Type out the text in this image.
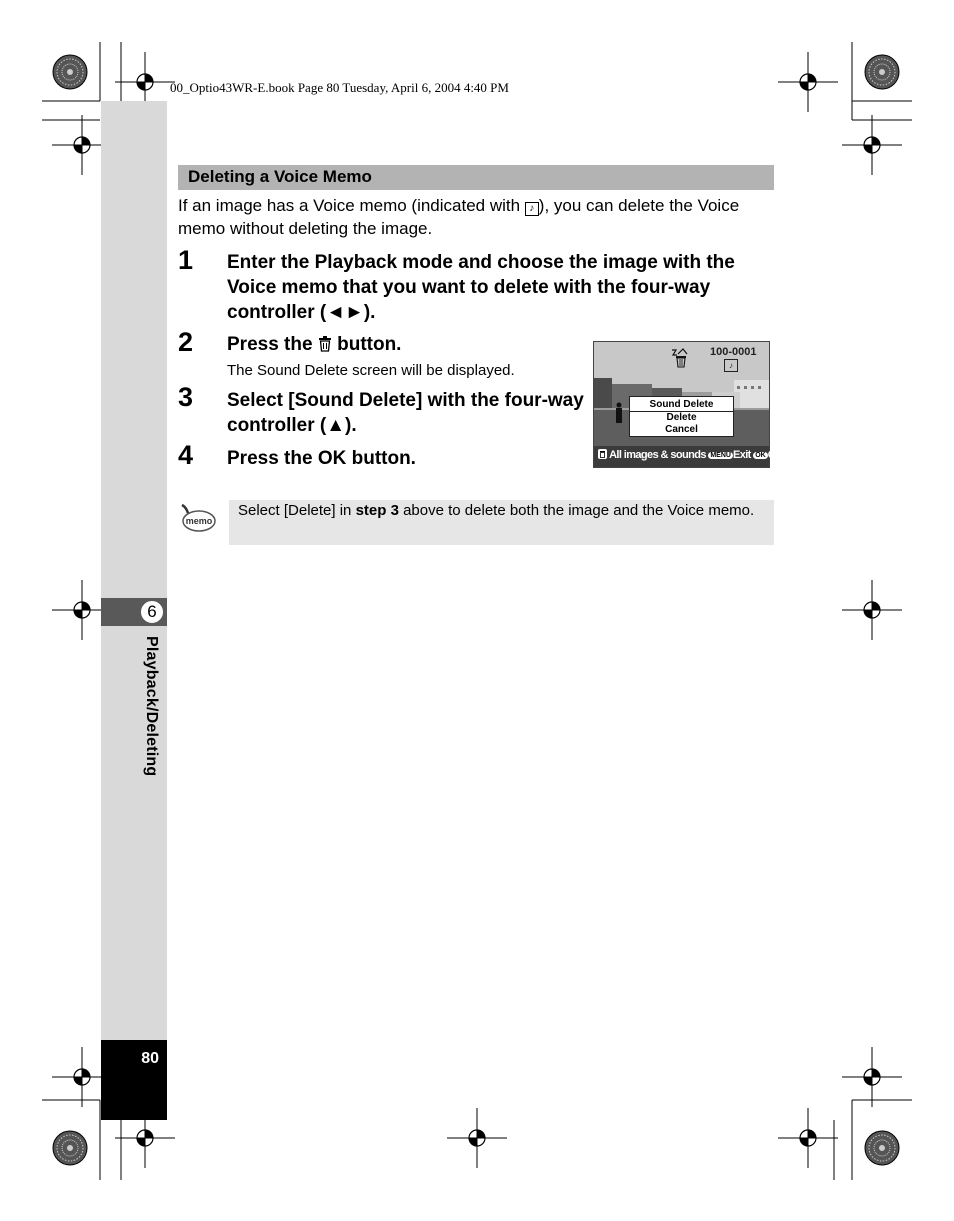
00_Optio43WR-E.book Page 80 Tuesday, April 6, 2004 4:40 PM
6
Playback/Deleting
80
Deleting a Voice Memo
If an image has a Voice memo (indicated with ♪ ), you can delete the Voice memo without deleting the image.
1 Enter the Playback mode and choose the image with the Voice memo that you want to delete with the four-way controller (◄►).
2 Press the  button.
The Sound Delete screen will be displayed.
3 Select [Sound Delete] with the four-way controller (▲).
4 Press the OK button.
100-0001
♪
Sound Delete
Delete
Cancel
All images & sounds MENU Exit OK OK
memo
Select [Delete] in step 3 above to delete both the image and the Voice memo.
